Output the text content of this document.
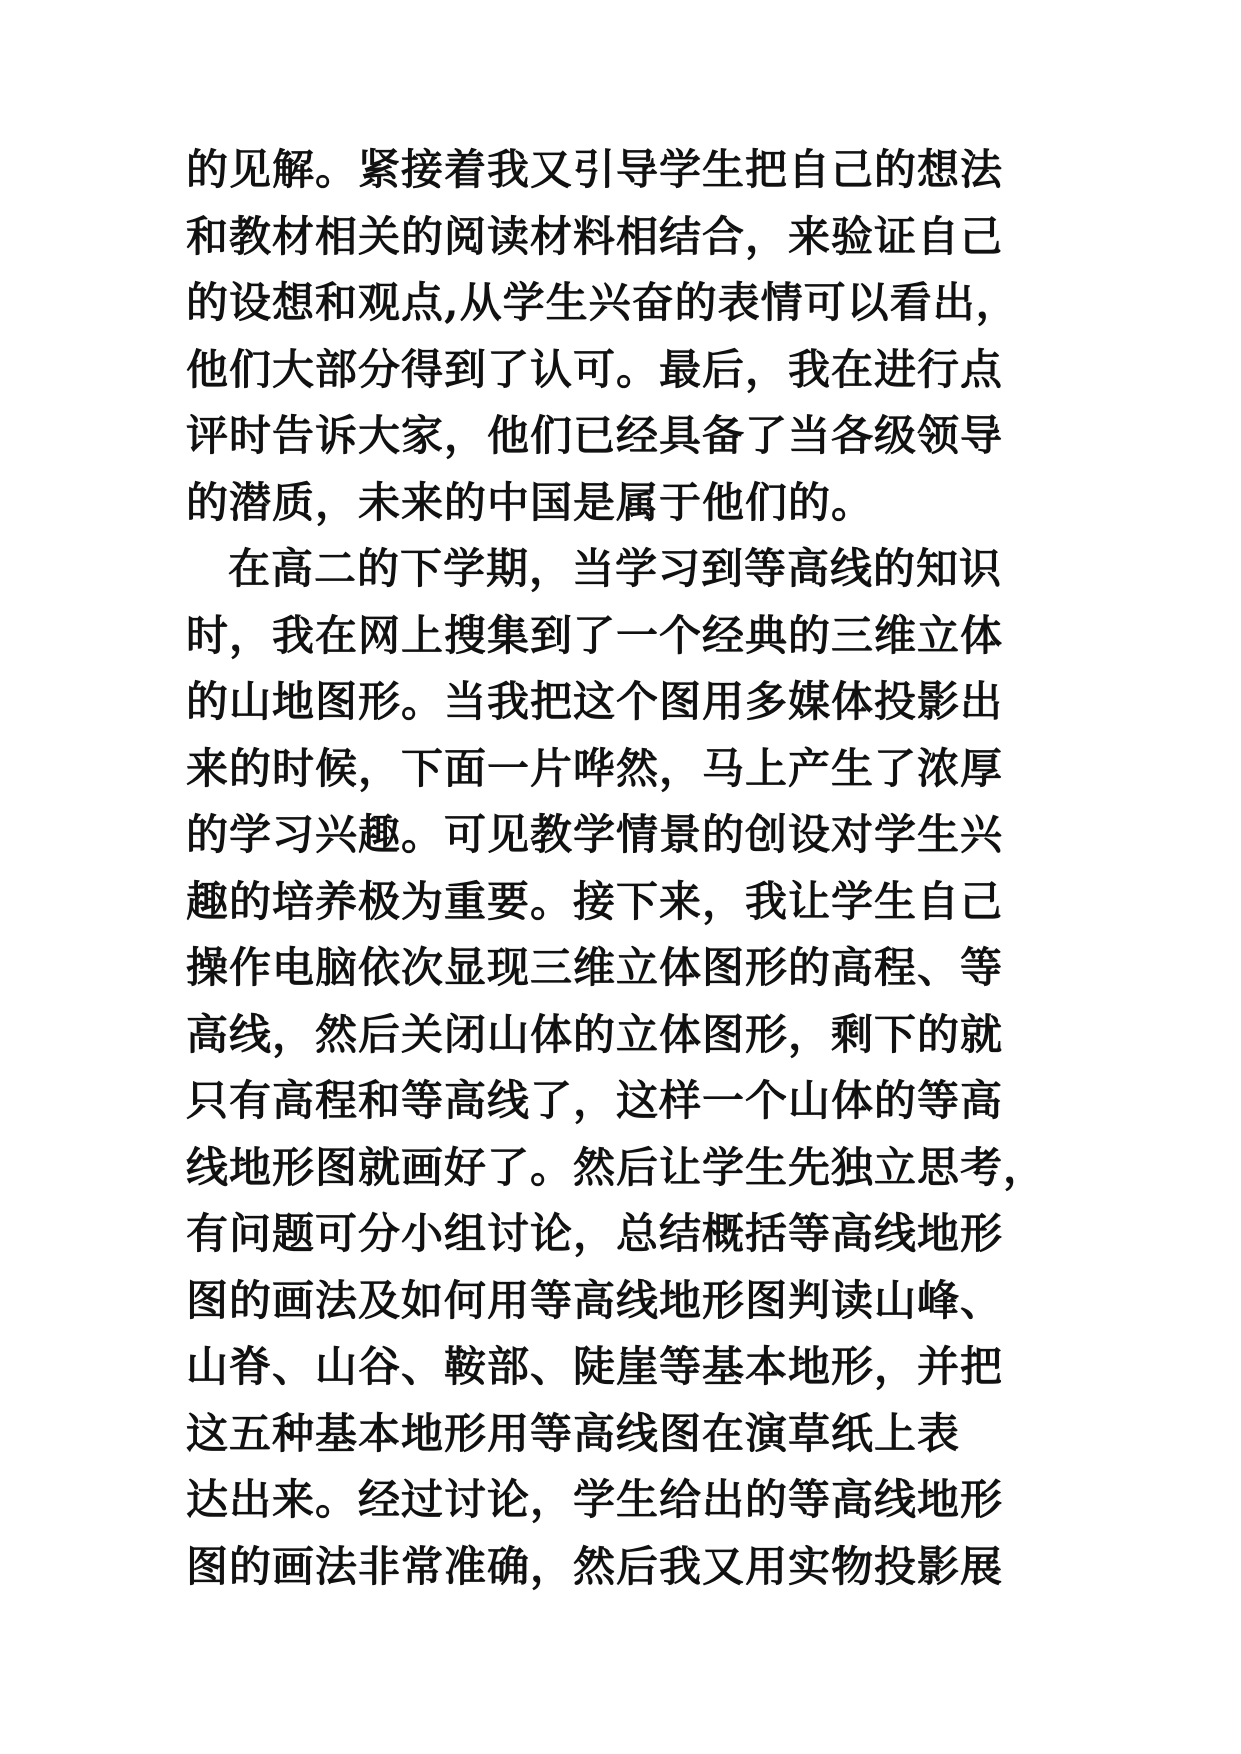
的见解。紧接着我又引导学生把自己的想法
和教材相关的阅读材料相结合，来验证自己
的设想和观点,从学生兴奋的表情可以看出，
他们大部分得到了认可。最后，我在进行点
评时告诉大家，他们已经具备了当各级领导
的潜质，未来的中国是属于他们的。
在高二的下学期，当学习到等高线的知识
时，我在网上搜集到了一个经典的三维立体
的山地图形。当我把这个图用多媒体投影出
来的时候，下面一片哗然，马上产生了浓厚
的学习兴趣。可见教学情景的创设对学生兴
趣的培养极为重要。接下来，我让学生自己
操作电脑依次显现三维立体图形的高程、等
高线，然后关闭山体的立体图形，剩下的就
只有高程和等高线了，这样一个山体的等高
线地形图就画好了。然后让学生先独立思考，
有问题可分小组讨论，总结概括等高线地形
图的画法及如何用等高线地形图判读山峰、
山脊、山谷、鞍部、陡崖等基本地形，并把
这五种基本地形用等高线图在演草纸上表
达出来。经过讨论，学生给出的等高线地形
图的画法非常准确，然后我又用实物投影展
